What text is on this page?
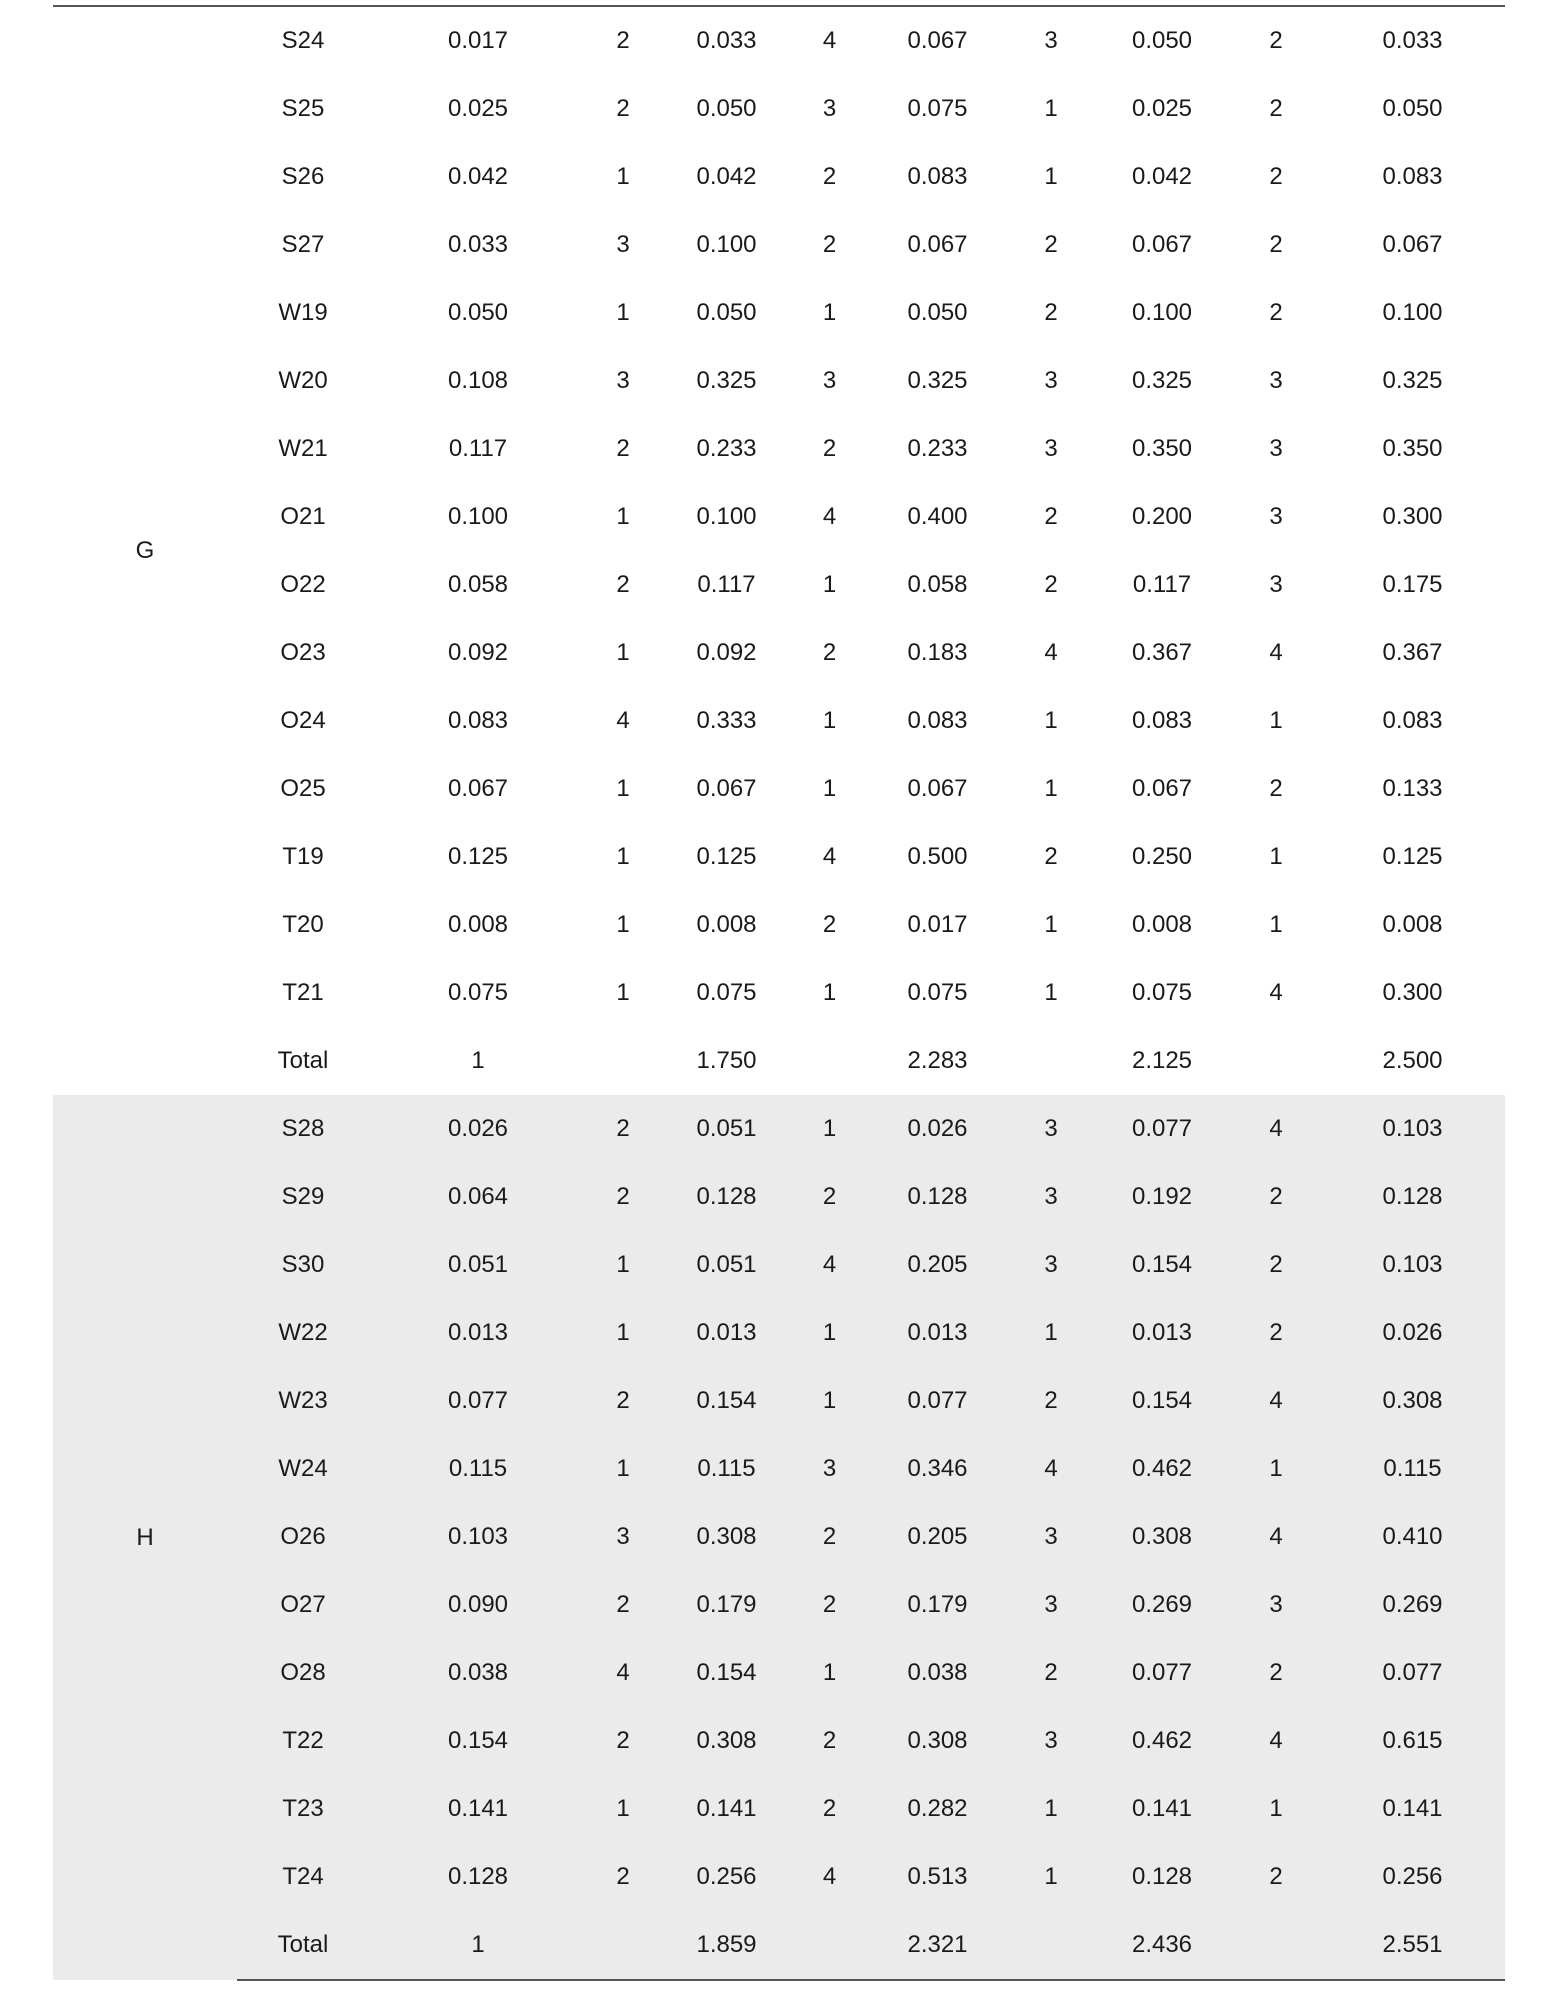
G	S24	0.017	2	0.033	4	0.067	3	0.050	2	0.033
	S25	0.025	2	0.050	3	0.075	1	0.025	2	0.050
	S26	0.042	1	0.042	2	0.083	1	0.042	2	0.083
	S27	0.033	3	0.100	2	0.067	2	0.067	2	0.067
	W19	0.050	1	0.050	1	0.050	2	0.100	2	0.100
	W20	0.108	3	0.325	3	0.325	3	0.325	3	0.325
	W21	0.117	2	0.233	2	0.233	3	0.350	3	0.350
	O21	0.100	1	0.100	4	0.400	2	0.200	3	0.300
	O22	0.058	2	0.117	1	0.058	2	0.117	3	0.175
	O23	0.092	1	0.092	2	0.183	4	0.367	4	0.367
	O24	0.083	4	0.333	1	0.083	1	0.083	1	0.083
	O25	0.067	1	0.067	1	0.067	1	0.067	2	0.133
	T19	0.125	1	0.125	4	0.500	2	0.250	1	0.125
	T20	0.008	1	0.008	2	0.017	1	0.008	1	0.008
	T21	0.075	1	0.075	1	0.075	1	0.075	4	0.300
	Total	1		1.750		2.283		2.125		2.500
H	S28	0.026	2	0.051	1	0.026	3	0.077	4	0.103
	S29	0.064	2	0.128	2	0.128	3	0.192	2	0.128
	S30	0.051	1	0.051	4	0.205	3	0.154	2	0.103
	W22	0.013	1	0.013	1	0.013	1	0.013	2	0.026
	W23	0.077	2	0.154	1	0.077	2	0.154	4	0.308
	W24	0.115	1	0.115	3	0.346	4	0.462	1	0.115
	O26	0.103	3	0.308	2	0.205	3	0.308	4	0.410
	O27	0.090	2	0.179	2	0.179	3	0.269	3	0.269
	O28	0.038	4	0.154	1	0.038	2	0.077	2	0.077
	T22	0.154	2	0.308	2	0.308	3	0.462	4	0.615
	T23	0.141	1	0.141	2	0.282	1	0.141	1	0.141
	T24	0.128	2	0.256	4	0.513	1	0.128	2	0.256
	Total	1		1.859		2.321		2.436		2.551
